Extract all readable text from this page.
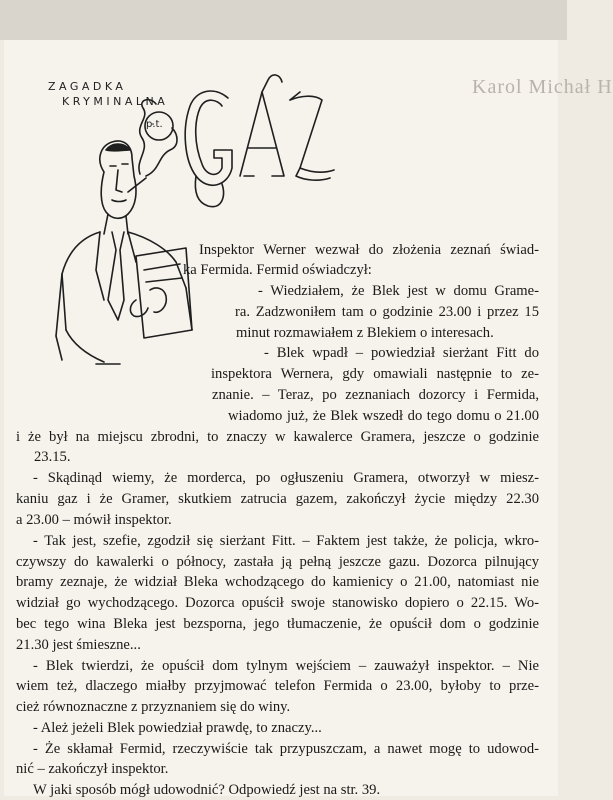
Karol Michał H
ZAGADKA
KRYMINALNA
p.t.
Inspektor Werner wezwał do złożenia zeznań świad-
ka Fermida. Fermid oświadczył:
- Wiedziałem, że Blek jest w domu Grame-
ra. Zadzwoniłem tam o godzinie 23.00 i przez 15
minut rozmawiałem z Blekiem o interesach.
- Blek wpadł – powiedział sierżant Fitt do
inspektora Wernera, gdy omawiali następnie to ze-
znanie. – Teraz, po zeznaniach dozorcy i Fermida,
wiadomo już, że Blek wszedł do tego domu o 21.00
i że był na miejscu zbrodni, to znaczy w kawalerce Gramera, jeszcze o godzinie
23.15.
- Skądinąd wiemy, że morderca, po ogłuszeniu Gramera, otworzył w miesz-
kaniu gaz i że Gramer, skutkiem zatrucia gazem, zakończył życie między 22.30
a 23.00 – mówił inspektor.
- Tak jest, szefie, zgodził się sierżant Fitt. – Faktem jest także, że policja, wkro-
czywszy do kawalerki o północy, zastała ją pełną jeszcze gazu. Dozorca pilnujący
bramy zeznaje, że widział Bleka wchodzącego do kamienicy o 21.00, natomiast nie
widział go wychodzącego. Dozorca opuścił swoje stanowisko dopiero o 22.15. Wo-
bec tego wina Bleka jest bezsporna, jego tłumaczenie, że opuścił dom o godzinie
21.30 jest śmieszne...
- Blek twierdzi, że opuścił dom tylnym wejściem – zauważył inspektor. – Nie
wiem też, dlaczego miałby przyjmować telefon Fermida o 23.00, byłoby to prze-
cież równoznaczne z przyznaniem się do winy.
- Ależ jeżeli Blek powiedział prawdę, to znaczy...
- Że skłamał Fermid, rzeczywiście tak przypuszczam, a nawet mogę to udowod-
nić – zakończył inspektor.
W jaki sposób mógł udowodnić? Odpowiedź jest na str. 39.
